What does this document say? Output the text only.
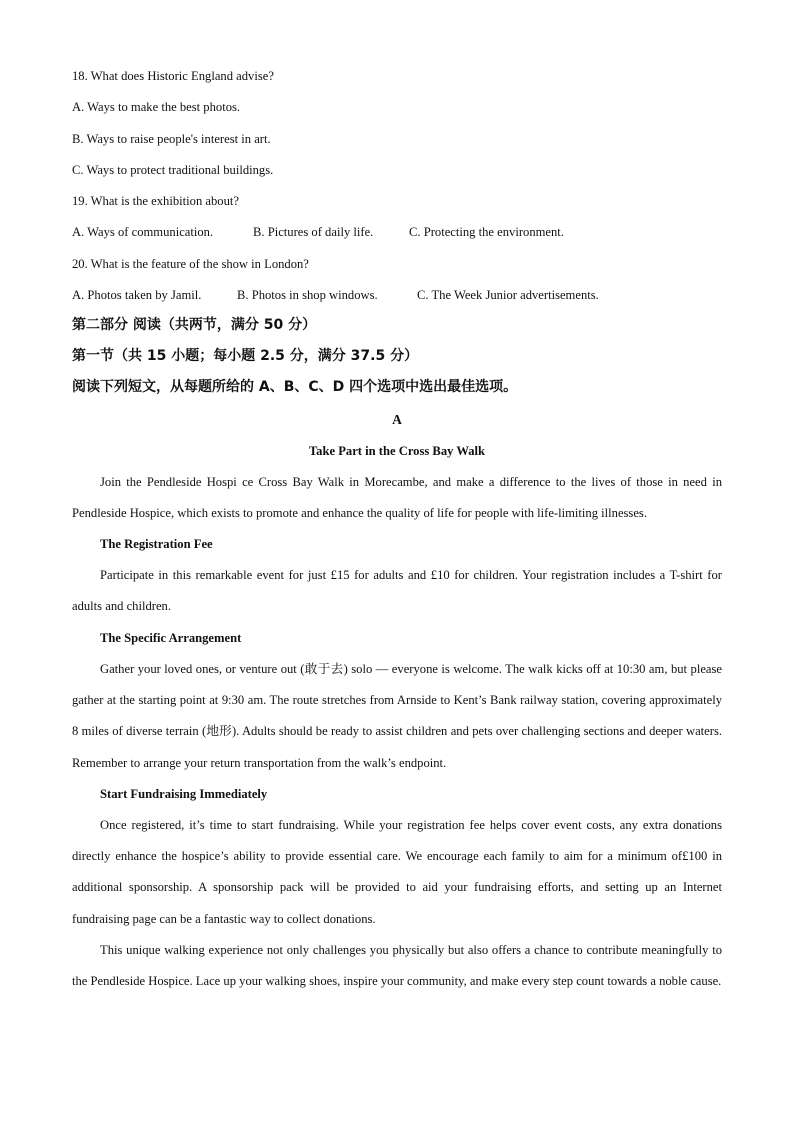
18. What does Historic England advise?
A. Ways to make the best photos.
B. Ways to raise people's interest in art.
C. Ways to protect traditional buildings.
19. What is the exhibition about?
A. Ways of communication.	B. Pictures of daily life.	C. Protecting the environment.
20. What is the feature of the show in London?
A. Photos taken by Jamil.	B. Photos in shop windows.	C. The Week Junior advertisements.
第二部分 阅读（共两节，满分 50 分）
第一节（共 15 小题；每小题 2.5 分，满分 37.5 分）
阅读下列短文，从每题所给的 A、B、C、D 四个选项中选出最佳选项。
A
Take Part in the Cross Bay Walk

Join the Pendleside Hospi ce Cross Bay Walk in Morecambe, and make a difference to the lives of those in need in Pendleside Hospice, which exists to promote and enhance the quality of life for people with life-limiting illnesses.

The Registration Fee

Participate in this remarkable event for just £15 for adults and £10 for children. Your registration includes a T-shirt for adults and children.

The Specific Arrangement

Gather your loved ones, or venture out (敢于去) solo — everyone is welcome. The walk kicks off at 10:30 am, but please gather at the starting point at 9:30 am. The route stretches from Arnside to Kent’s Bank railway station, covering approximately 8 miles of diverse terrain (地形). Adults should be ready to assist children and pets over challenging sections and deeper waters. Remember to arrange your return transportation from the walk’s endpoint.

Start Fundraising Immediately

Once registered, it’s time to start fundraising. While your registration fee helps cover event costs, any extra donations directly enhance the hospice’s ability to provide essential care. We encourage each family to aim for a minimum of£100 in additional sponsorship. A sponsorship pack will be provided to aid your fundraising efforts, and setting up an Internet fundraising page can be a fantastic way to collect donations.

This unique walking experience not only challenges you physically but also offers a chance to contribute meaningfully to the Pendleside Hospice. Lace up your walking shoes, inspire your community, and make every step count towards a noble cause.
